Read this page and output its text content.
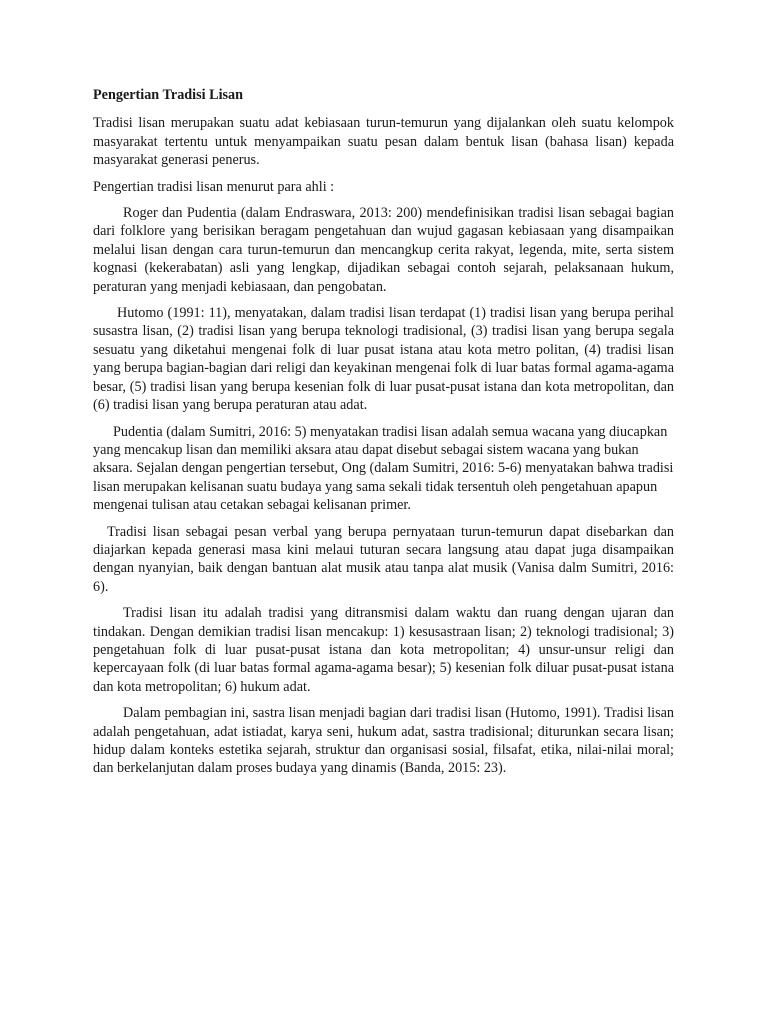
Pengertian Tradisi Lisan

Tradisi lisan merupakan suatu adat kebiasaan turun-temurun yang dijalankan oleh suatu kelompok masyarakat tertentu untuk menyampaikan suatu pesan dalam bentuk lisan (bahasa lisan) kepada masyarakat generasi penerus.

Pengertian tradisi lisan menurut para ahli :

Roger dan Pudentia (dalam Endraswara, 2013: 200) mendefinisikan tradisi lisan sebagai bagian dari folklore yang berisikan beragam pengetahuan dan wujud gagasan kebiasaan yang disampaikan melalui lisan dengan cara turun-temurun dan mencangkup cerita rakyat, legenda, mite, serta sistem kognasi (kekerabatan) asli yang lengkap, dijadikan sebagai contoh sejarah, pelaksanaan hukum, peraturan yang menjadi kebiasaan, dan pengobatan.

Hutomo (1991: 11), menyatakan, dalam tradisi lisan terdapat (1) tradisi lisan yang berupa perihal susastra lisan, (2) tradisi lisan yang berupa teknologi tradisional, (3) tradisi lisan yang berupa segala sesuatu yang diketahui mengenai folk di luar pusat istana atau kota metro politan, (4) tradisi lisan yang berupa bagian-bagian dari religi dan keyakinan mengenai folk di luar batas formal agama-agama besar, (5) tradisi lisan yang berupa kesenian folk di luar pusat-pusat istana dan kota metropolitan, dan (6) tradisi lisan yang berupa peraturan atau adat.

Pudentia (dalam Sumitri, 2016: 5) menyatakan tradisi lisan adalah semua wacana yang diucapkan yang mencakup lisan dan memiliki aksara atau dapat disebut sebagai sistem wacana yang bukan aksara. Sejalan dengan pengertian tersebut, Ong (dalam Sumitri, 2016: 5-6) menyatakan bahwa tradisi lisan merupakan kelisanan suatu budaya yang sama sekali tidak tersentuh oleh pengetahuan apapun mengenai tulisan atau cetakan sebagai kelisanan primer.

Tradisi lisan sebagai pesan verbal yang berupa pernyataan turun-temurun dapat disebarkan dan diajarkan kepada generasi masa kini melaui tuturan secara langsung atau dapat juga disampaikan dengan nyanyian, baik dengan bantuan alat musik atau tanpa alat musik (Vanisa dalm Sumitri, 2016: 6).

Tradisi lisan itu adalah tradisi yang ditransmisi dalam waktu dan ruang dengan ujaran dan tindakan. Dengan demikian tradisi lisan mencakup: 1) kesusastraan lisan; 2) teknologi tradisional; 3) pengetahuan folk di luar pusat-pusat istana dan kota metropolitan; 4) unsur-unsur religi dan kepercayaan folk (di luar batas formal agama-agama besar); 5) kesenian folk diluar pusat-pusat istana dan kota metropolitan; 6) hukum adat.

Dalam pembagian ini, sastra lisan menjadi bagian dari tradisi lisan (Hutomo, 1991). Tradisi lisan adalah pengetahuan, adat istiadat, karya seni, hukum adat, sastra tradisional; diturunkan secara lisan; hidup dalam konteks estetika sejarah, struktur dan organisasi sosial, filsafat, etika, nilai-nilai moral; dan berkelanjutan dalam proses budaya yang dinamis (Banda, 2015: 23).
